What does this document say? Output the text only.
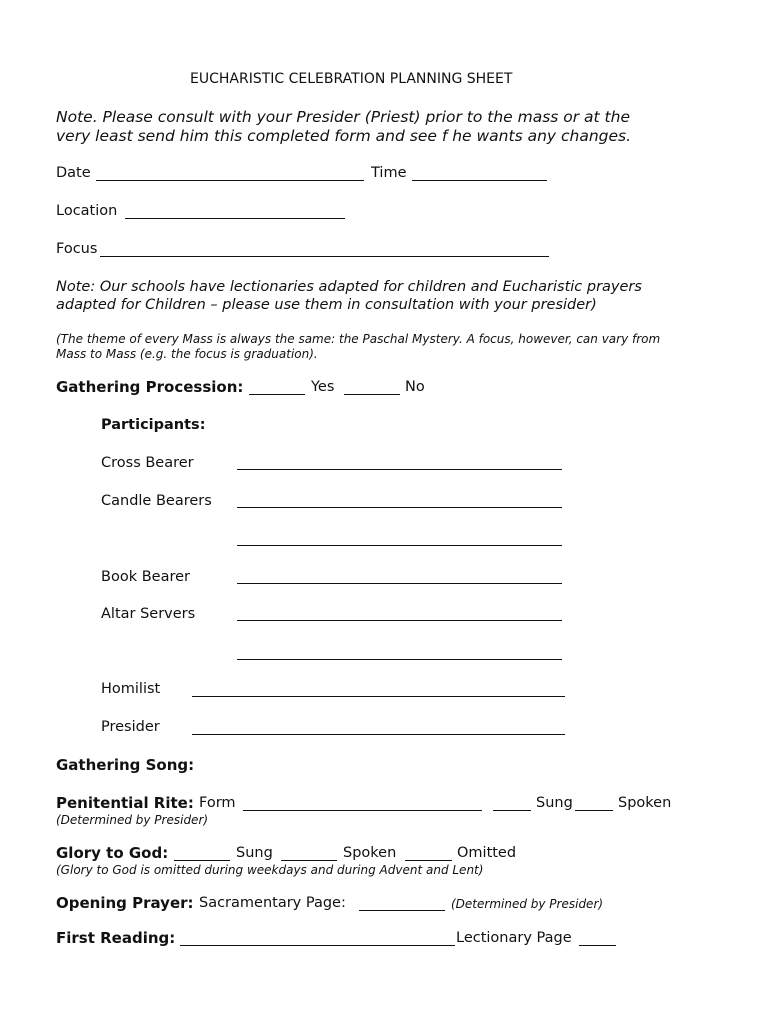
EUCHARISTIC CELEBRATION PLANNING SHEET
Note. Please consult with your Presider (Priest) prior to the mass or at the
very least send him this completed form and see f he wants any changes.
Date	Time
Location
Focus
Note: Our schools have lectionaries adapted for children and Eucharistic prayers
adapted for Children – please use them in consultation with your presider)
(The theme of every Mass is always the same: the Paschal Mystery. A focus, however, can vary from
Mass to Mass (e.g. the focus is graduation).
Gathering Procession:	Yes	No
Participants:
Cross Bearer
Candle Bearers
Book Bearer
Altar Servers
Homilist
Presider
Gathering Song:
Penitential Rite: Form	Sung	Spoken
(Determined by Presider)
Glory to God:	Sung	Spoken	Omitted
(Glory to God is omitted during weekdays and during Advent and Lent)
Opening Prayer: Sacramentary Page:	(Determined by Presider)
First Reading:	Lectionary Page
